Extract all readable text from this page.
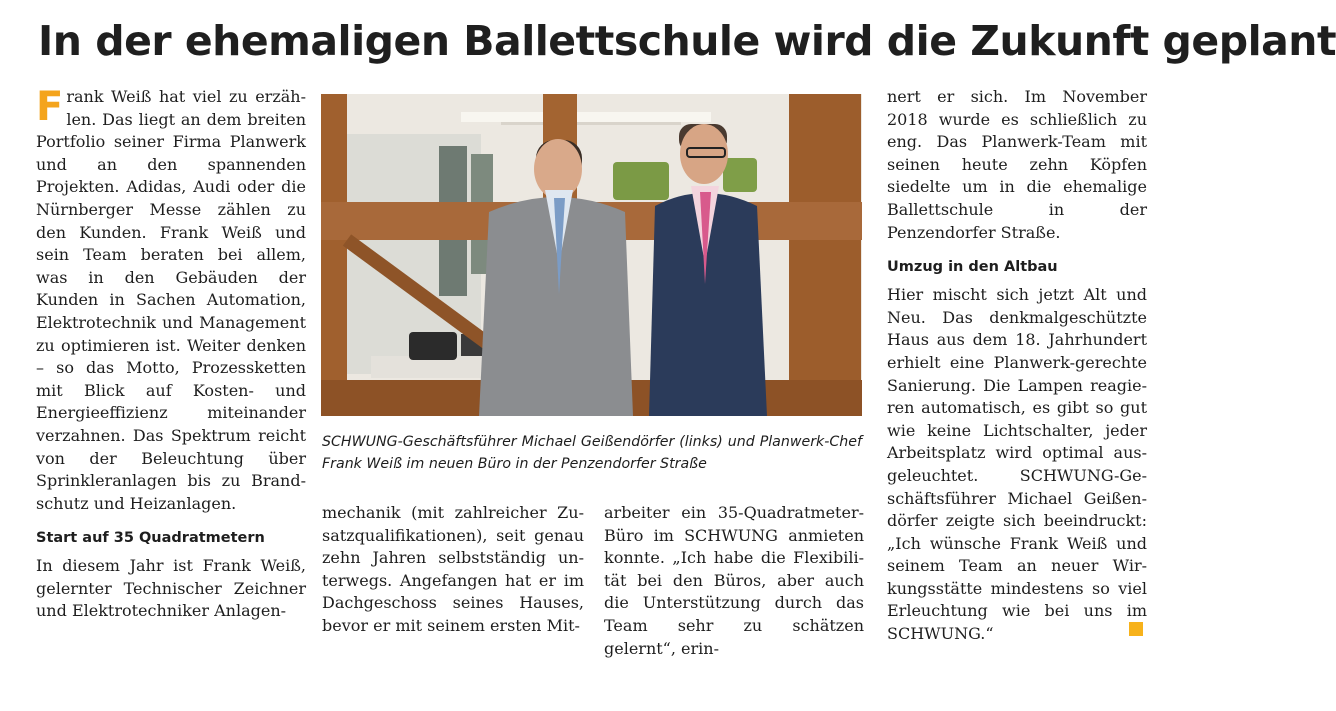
In der ehemaligen Ballettschule wird die Zukunft geplant

Frank Weiß hat viel zu erzählen. Das liegt an dem breiten Portfolio seiner Firma Planwerk und an den spannenden Projekten. Adidas, Audi oder die Nürnberger Messe zählen zu den Kunden. Frank Weiß und sein Team beraten bei allem, was in den Gebäuden der Kunden in Sachen Automation, Elektrotechnik und Management zu optimieren ist. Weiter denken – so das Motto, Prozessketten mit Blick auf Kosten- und Energieeffizienz miteinander verzahnen. Das Spektrum reicht von der Beleuchtung über Sprinkleranlagen bis zu Brandschutz und Heizanlagen.

Start auf 35 Quadratmetern

In diesem Jahr ist Frank Weiß, gelernter Technischer Zeichner und Elektrotechniker Anlagen-

SCHWUNG-Geschäftsführer Michael Geißendörfer (links) und Planwerk-Chef Frank Weiß im neuen Büro in der Penzendorfer Straße

mechanik (mit zahlreicher Zusatzqualifikationen), seit genau zehn Jahren selbstständig unterwegs. Angefangen hat er im Dachgeschoss seines Hauses, bevor er mit seinem ersten Mit-

arbeiter ein 35-Quadratmeter-Büro im SCHWUNG anmieten konnte. „Ich habe die Flexibilität bei den Büros, aber auch die Unterstützung durch das Team sehr zu schätzen gelernt“, erin-

nert er sich. Im November 2018 wurde es schließlich zu eng. Das Planwerk-Team mit seinen heute zehn Köpfen siedelte um in die ehemalige Ballettschule in der Penzendorfer Straße.

Umzug in den Altbau

Hier mischt sich jetzt Alt und Neu. Das denkmalgeschützte Haus aus dem 18. Jahrhundert erhielt eine Planwerk-gerechte Sanierung. Die Lampen reagieren automatisch, es gibt so gut wie keine Lichtschalter, jeder Arbeitsplatz wird optimal ausgeleuchtet. SCHWUNG-Geschäftsführer Michael Geißendörfer zeigte sich beeindruckt: „Ich wünsche Frank Weiß und seinem Team an neuer Wirkungsstätte mindestens so viel Erleuchtung wie bei uns im SCHWUNG.“
